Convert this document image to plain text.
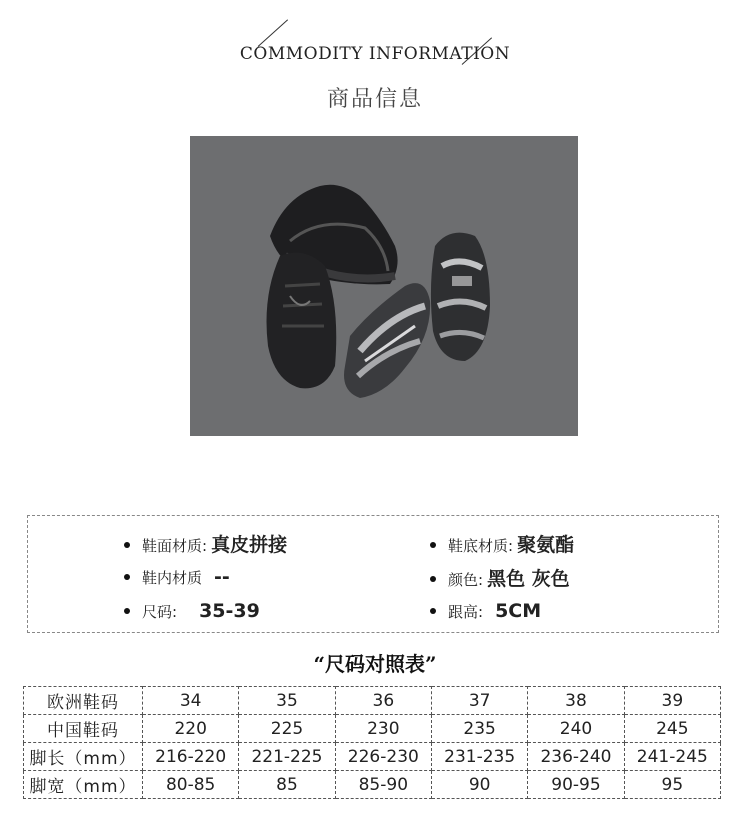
COMMODITY INFORMATION
商品信息
鞋面材质: 真皮拼接	鞋底材质: 聚氨酯
鞋内材质 --	颜色: 黑色 灰色
尺码: 35-39	跟高: 5CM
“尺码对照表”
欧洲鞋码	34	35	36	37	38	39
中国鞋码	220	225	230	235	240	245
脚长（mm）	216-220	221-225	226-230	231-235	236-240	241-245
脚宽（mm）	80-85	85	85-90	90	90-95	95
